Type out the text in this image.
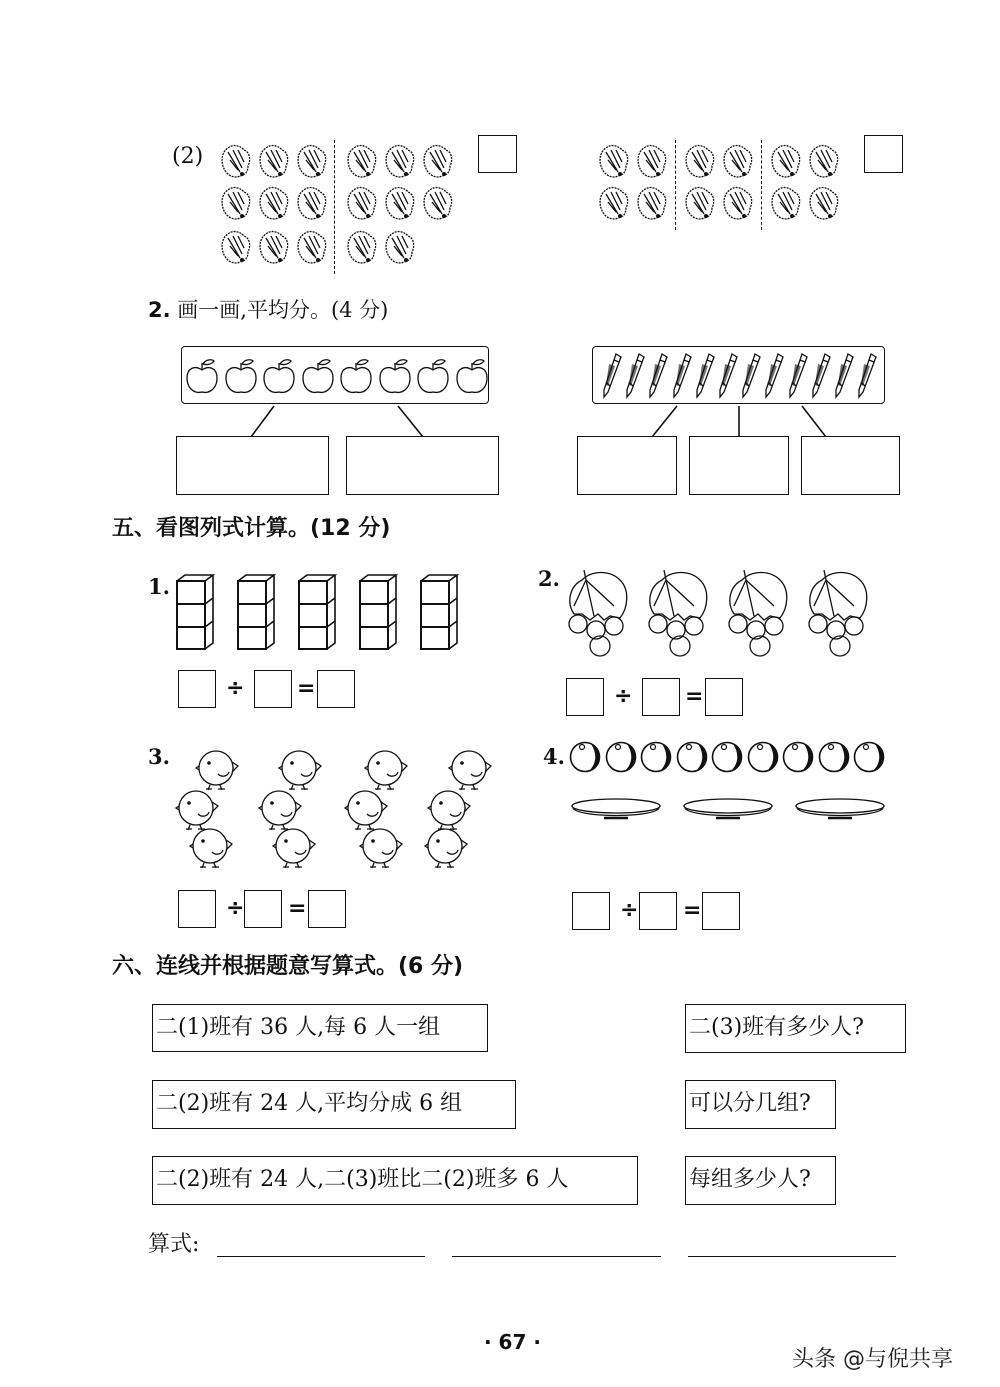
(2)
2. 画一画,平均分。(4 分)
五、看图列式计算。(12 分)
1.
÷ =
2.
÷ =
3.
÷ =
4.
÷ =
六、连线并根据题意写算式。(6 分)
二(1)班有 36 人,每 6 人一组
二(2)班有 24 人,平均分成 6 组
二(2)班有 24 人,二(3)班比二(2)班多 6 人
二(3)班有多少人?
可以分几组?
每组多少人?
算式:
· 67 ·
头条 @与倪共享
